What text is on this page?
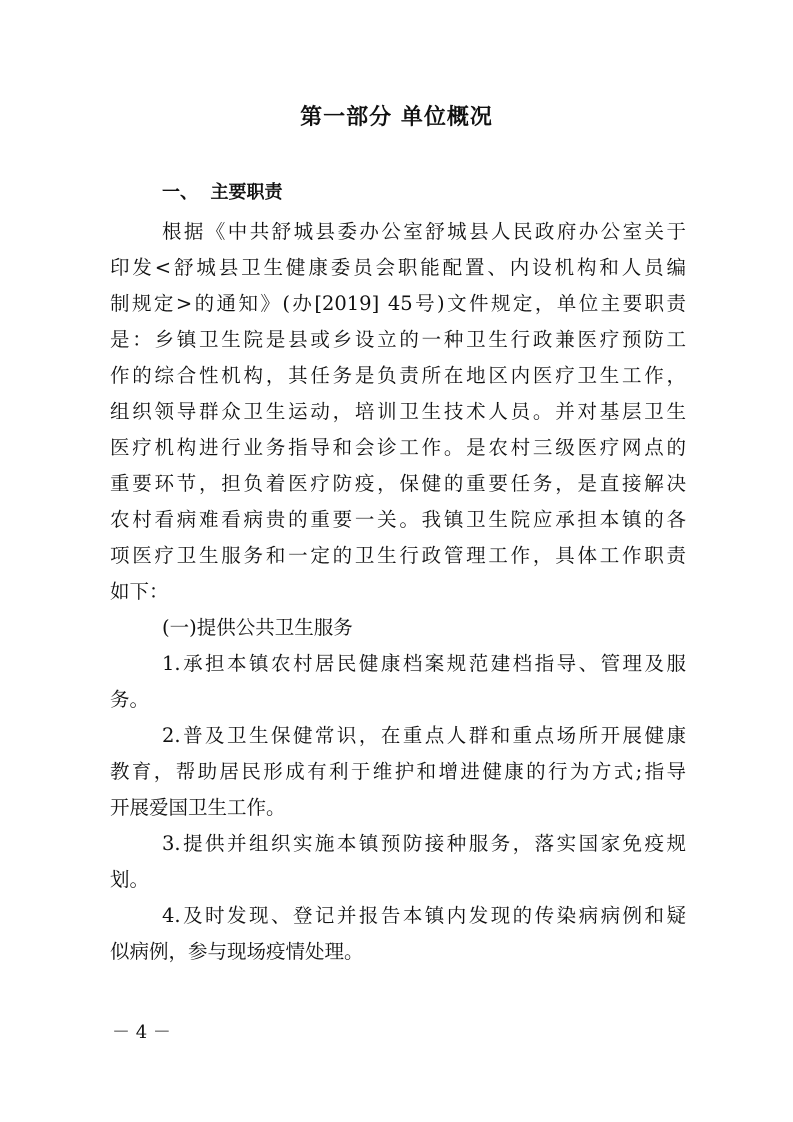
第一部分 单位概况
一、  主要职责
根据《中共舒城县委办公室舒城县人民政府办公室关于
印发<舒城县卫生健康委员会职能配置、内设机构和人员编
制规定>的通知》(办[2019] 45号)文件规定，单位主要职责
是：乡镇卫生院是县或乡设立的一种卫生行政兼医疗预防工
作的综合性机构，其任务是负责所在地区内医疗卫生工作，
组织领导群众卫生运动，培训卫生技术人员。并对基层卫生
医疗机构进行业务指导和会诊工作。是农村三级医疗网点的
重要环节，担负着医疗防疫，保健的重要任务，是直接解决
农村看病难看病贵的重要一关。我镇卫生院应承担本镇的各
项医疗卫生服务和一定的卫生行政管理工作，具体工作职责
如下：
(一)提供公共卫生服务
1.承担本镇农村居民健康档案规范建档指导、管理及服
务。
2.普及卫生保健常识，在重点人群和重点场所开展健康
教育，帮助居民形成有利于维护和增进健康的行为方式;指导
开展爱国卫生工作。
3.提供并组织实施本镇预防接种服务，落实国家免疫规
划。
4.及时发现、登记并报告本镇内发现的传染病病例和疑
似病例，参与现场疫情处理。
－ 4 －
